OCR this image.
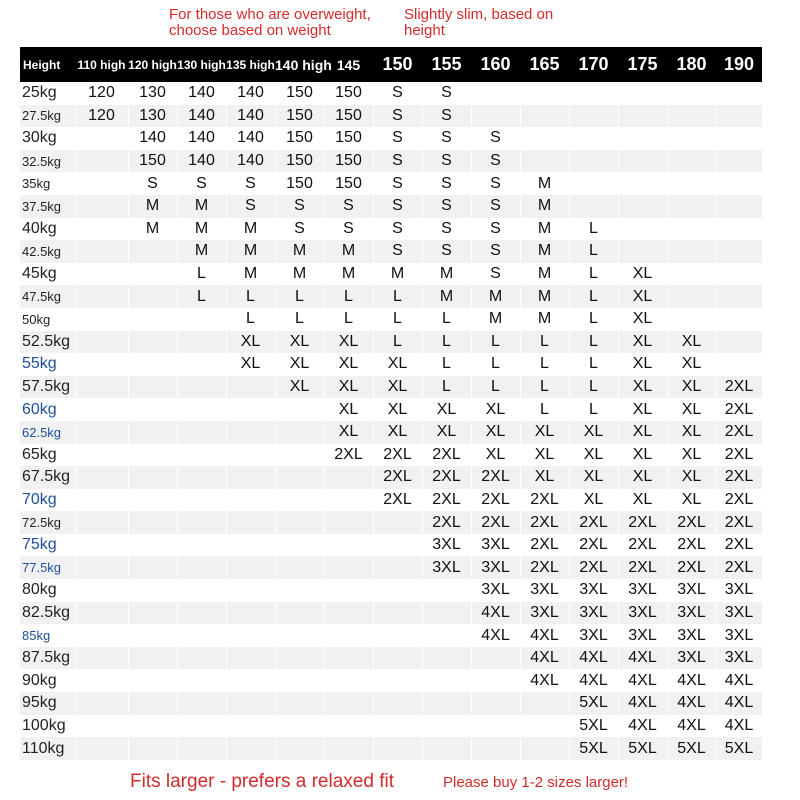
For those who are overweight, choose based on weight
Slightly slim, based on height
Height	110 high	120 high	130 high	135 high	140 high	145	150	155	160	165	170	175	180	190
25kg	120	130	140	140	150	150	S	S						
27.5kg	120	130	140	140	150	150	S	S						
30kg		140	140	140	150	150	S	S	S					
32.5kg		150	140	140	150	150	S	S	S					
35kg		S	S	S	150	150	S	S	S	M				
37.5kg		M	M	S	S	S	S	S	S	M				
40kg		M	M	M	S	S	S	S	S	M	L			
42.5kg			M	M	M	M	S	S	S	M	L			
45kg			L	M	M	M	M	M	S	M	L	XL		
47.5kg			L	L	L	L	L	M	M	M	L	XL		
50kg				L	L	L	L	L	M	M	L	XL		
52.5kg				XL	XL	XL	L	L	L	L	L	XL	XL	
55kg				XL	XL	XL	XL	L	L	L	L	XL	XL	
57.5kg					XL	XL	XL	L	L	L	L	XL	XL	2XL
60kg						XL	XL	XL	XL	L	L	XL	XL	2XL
62.5kg						XL	XL	XL	XL	XL	XL	XL	XL	2XL
65kg						2XL	2XL	2XL	XL	XL	XL	XL	XL	2XL
67.5kg							2XL	2XL	2XL	XL	XL	XL	XL	2XL
70kg							2XL	2XL	2XL	2XL	XL	XL	XL	2XL
72.5kg								2XL	2XL	2XL	2XL	2XL	2XL	2XL
75kg								3XL	3XL	2XL	2XL	2XL	2XL	2XL
77.5kg								3XL	3XL	2XL	2XL	2XL	2XL	2XL
80kg									3XL	3XL	3XL	3XL	3XL	3XL
82.5kg									4XL	3XL	3XL	3XL	3XL	3XL
85kg									4XL	4XL	3XL	3XL	3XL	3XL
87.5kg										4XL	4XL	4XL	3XL	3XL
90kg										4XL	4XL	4XL	4XL	4XL
95kg											5XL	4XL	4XL	4XL
100kg											5XL	4XL	4XL	4XL
110kg											5XL	5XL	5XL	5XL
Fits larger - prefers a relaxed fit	Please buy 1-2 sizes larger!
